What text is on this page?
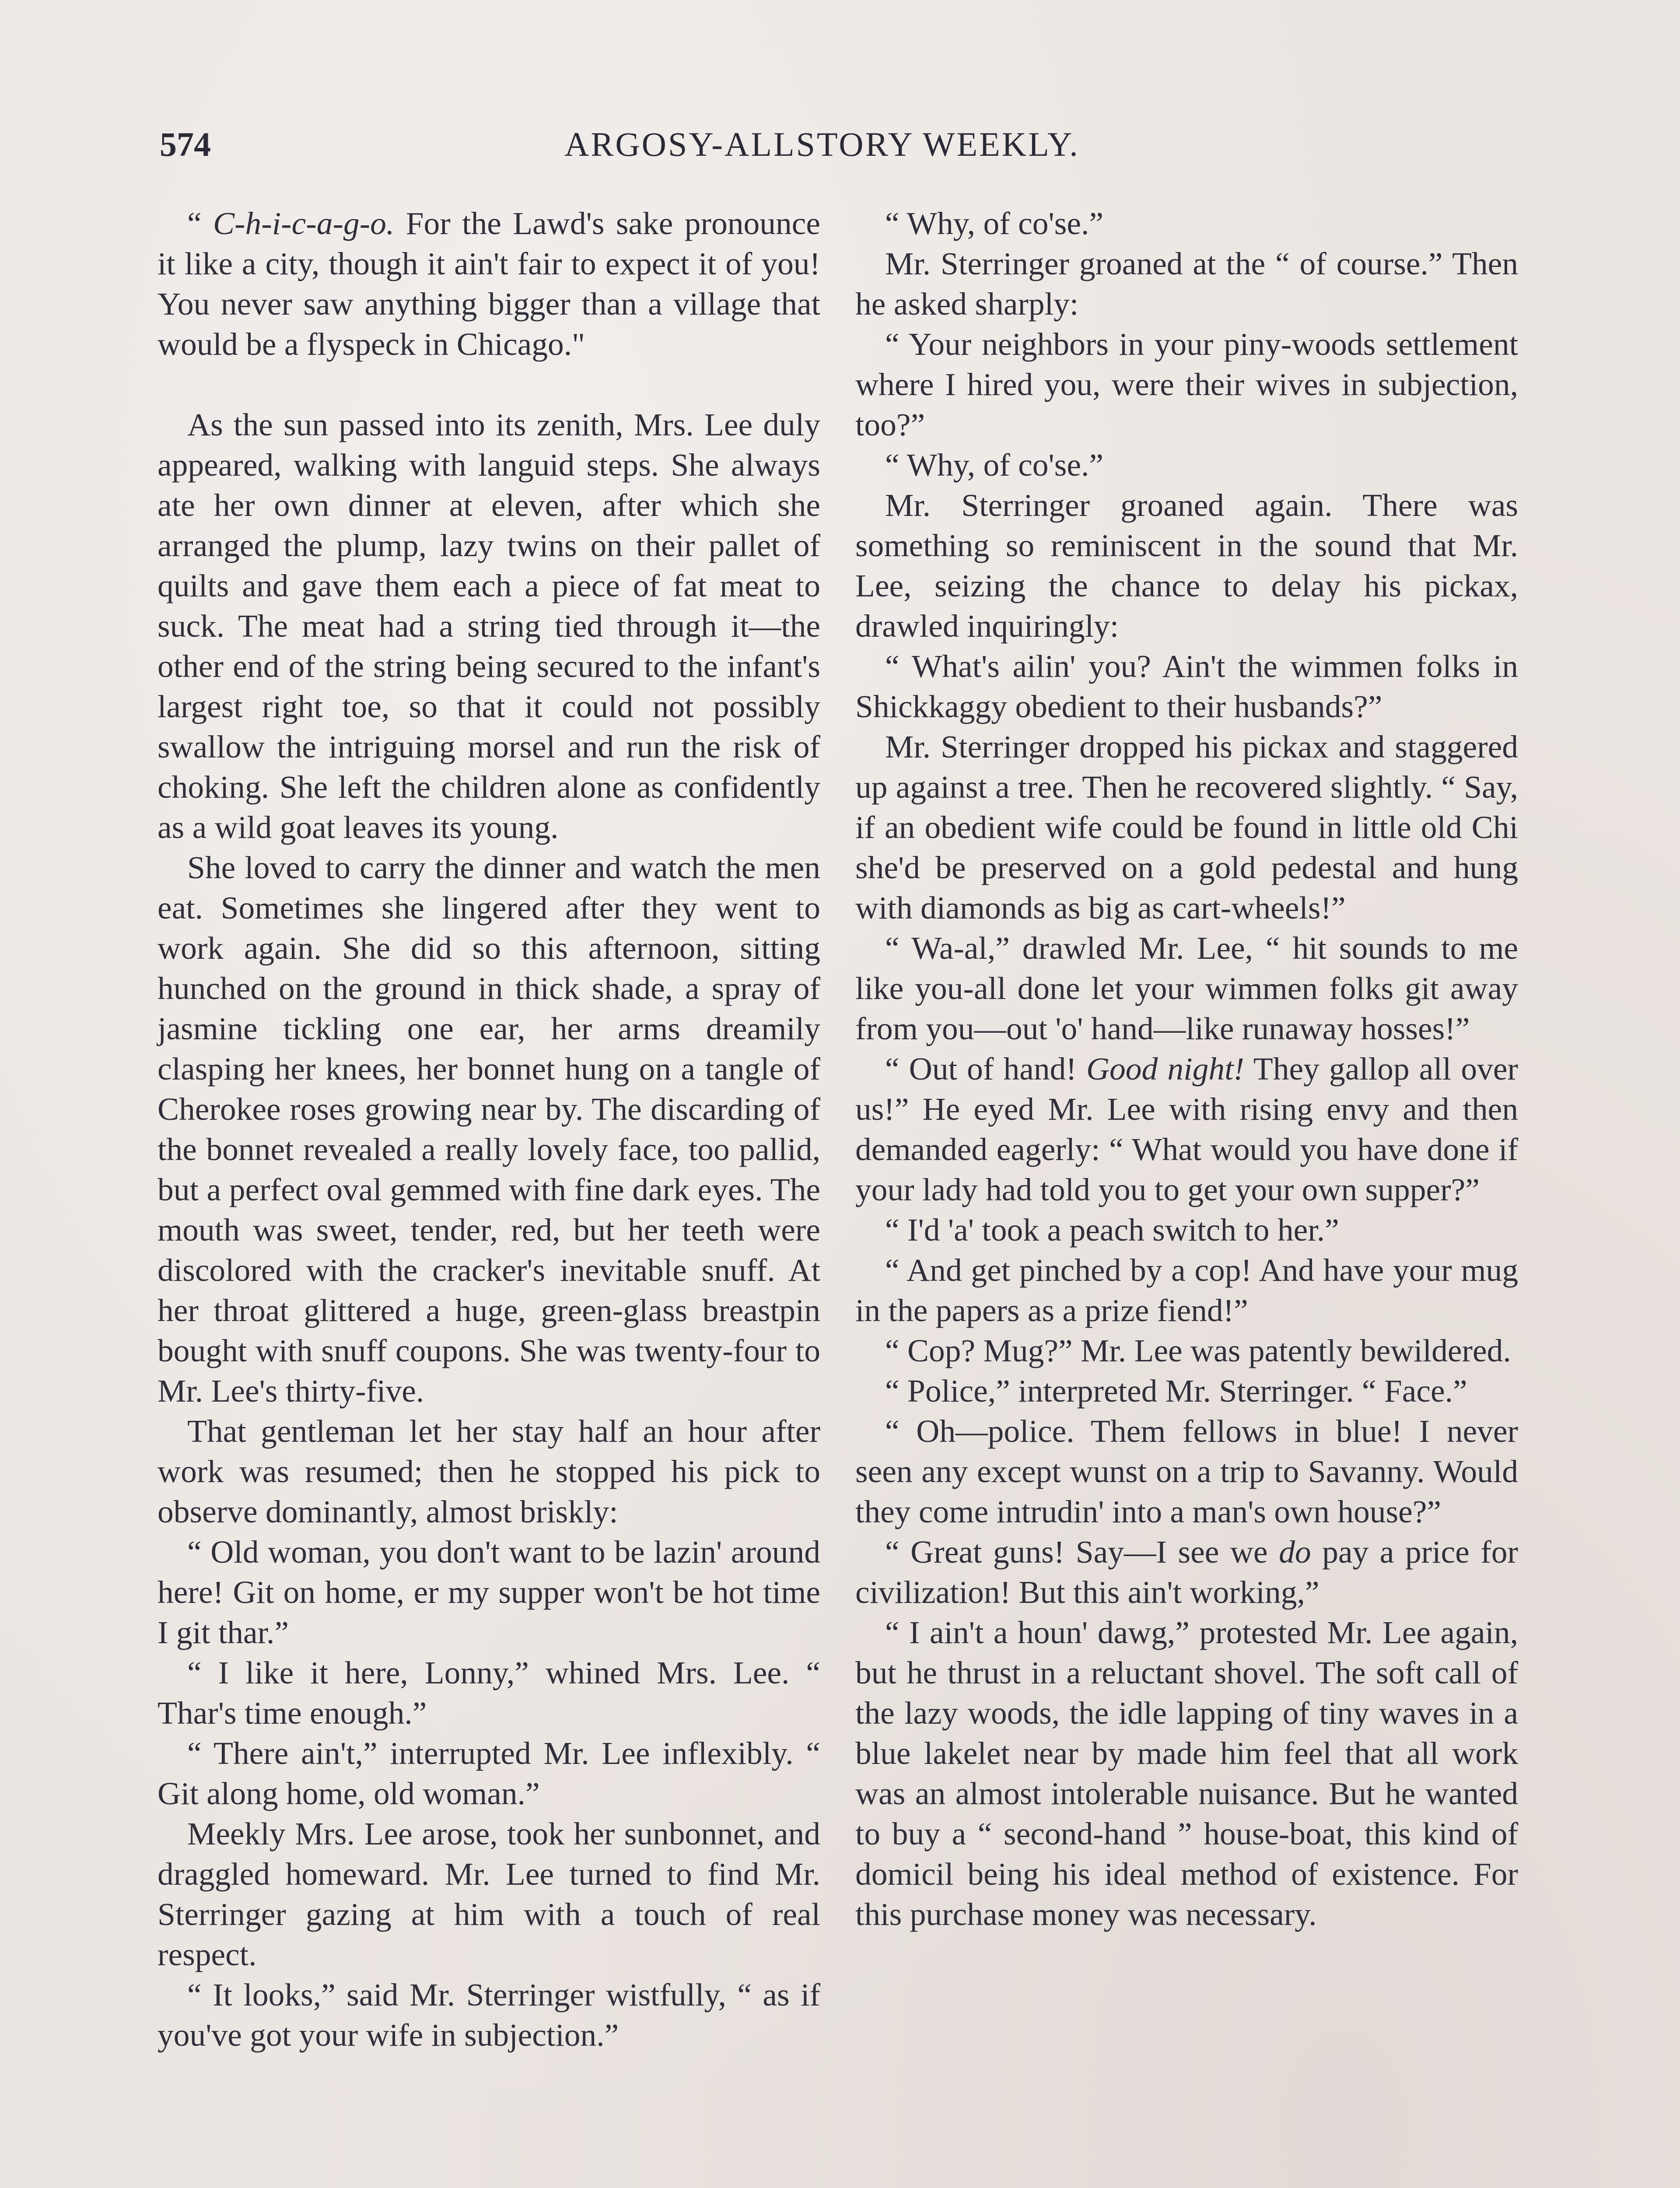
574	ARGOSY-ALLSTORY WEEKLY.

“ C-h-i-c-a-g-o. For the Lawd's sake pronounce it like a city, though it ain't fair to expect it of you! You never saw anything bigger than a village that would be a flyspeck in Chicago."

As the sun passed into its zenith, Mrs. Lee duly appeared, walking with languid steps. She always ate her own dinner at eleven, after which she arranged the plump, lazy twins on their pallet of quilts and gave them each a piece of fat meat to suck. The meat had a string tied through it—the other end of the string being secured to the infant's largest right toe, so that it could not possibly swallow the intriguing morsel and run the risk of choking. She left the children alone as confidently as a wild goat leaves its young.

She loved to carry the dinner and watch the men eat. Sometimes she lingered after they went to work again. She did so this afternoon, sitting hunched on the ground in thick shade, a spray of jasmine tickling one ear, her arms dreamily clasping her knees, her bonnet hung on a tangle of Cherokee roses growing near by. The discarding of the bonnet revealed a really lovely face, too pallid, but a perfect oval gemmed with fine dark eyes. The mouth was sweet, tender, red, but her teeth were discolored with the cracker's inevitable snuff. At her throat glittered a huge, green-glass breastpin bought with snuff coupons. She was twenty-four to Mr. Lee's thirty-five.

That gentleman let her stay half an hour after work was resumed; then he stopped his pick to observe dominantly, almost briskly:

“ Old woman, you don't want to be lazin' around here! Git on home, er my supper won't be hot time I git thar.”

“ I like it here, Lonny,” whined Mrs. Lee. “ Thar's time enough.”

“ There ain't,” interrupted Mr. Lee inflexibly. “ Git along home, old woman.”

Meekly Mrs. Lee arose, took her sunbonnet, and draggled homeward. Mr. Lee turned to find Mr. Sterringer gazing at him with a touch of real respect.

“ It looks,” said Mr. Sterringer wistfully, “ as if you've got your wife in subjection.”

“ Why, of co'se.”

Mr. Sterringer groaned at the “ of course.” Then he asked sharply:

“ Your neighbors in your piny-woods settlement where I hired you, were their wives in subjection, too?”

“ Why, of co'se.”

Mr. Sterringer groaned again. There was something so reminiscent in the sound that Mr. Lee, seizing the chance to delay his pickax, drawled inquiringly:

“ What's ailin' you? Ain't the wimmen folks in Shickkaggy obedient to their husbands?”

Mr. Sterringer dropped his pickax and staggered up against a tree. Then he recovered slightly. “ Say, if an obedient wife could be found in little old Chi she'd be preserved on a gold pedestal and hung with diamonds as big as cart-wheels!”

“ Wa-al,” drawled Mr. Lee, “ hit sounds to me like you-all done let your wimmen folks git away from you—out 'o' hand—like runaway hosses!”

“ Out of hand! Good night! They gallop all over us!” He eyed Mr. Lee with rising envy and then demanded eagerly: “ What would you have done if your lady had told you to get your own supper?”

“ I'd 'a' took a peach switch to her.”

“ And get pinched by a cop! And have your mug in the papers as a prize fiend!”

“ Cop? Mug?” Mr. Lee was patently bewildered.

“ Police,” interpreted Mr. Sterringer. “ Face.”

“ Oh—police. Them fellows in blue! I never seen any except wunst on a trip to Savanny. Would they come intrudin' into a man's own house?”

“ Great guns! Say—I see we do pay a price for civilization! But this ain't working,”

“ I ain't a houn' dawg,” protested Mr. Lee again, but he thrust in a reluctant shovel. The soft call of the lazy woods, the idle lapping of tiny waves in a blue lakelet near by made him feel that all work was an almost intolerable nuisance. But he wanted to buy a “ second-hand ” house-boat, this kind of domicil being his ideal method of existence. For this purchase money was necessary.
